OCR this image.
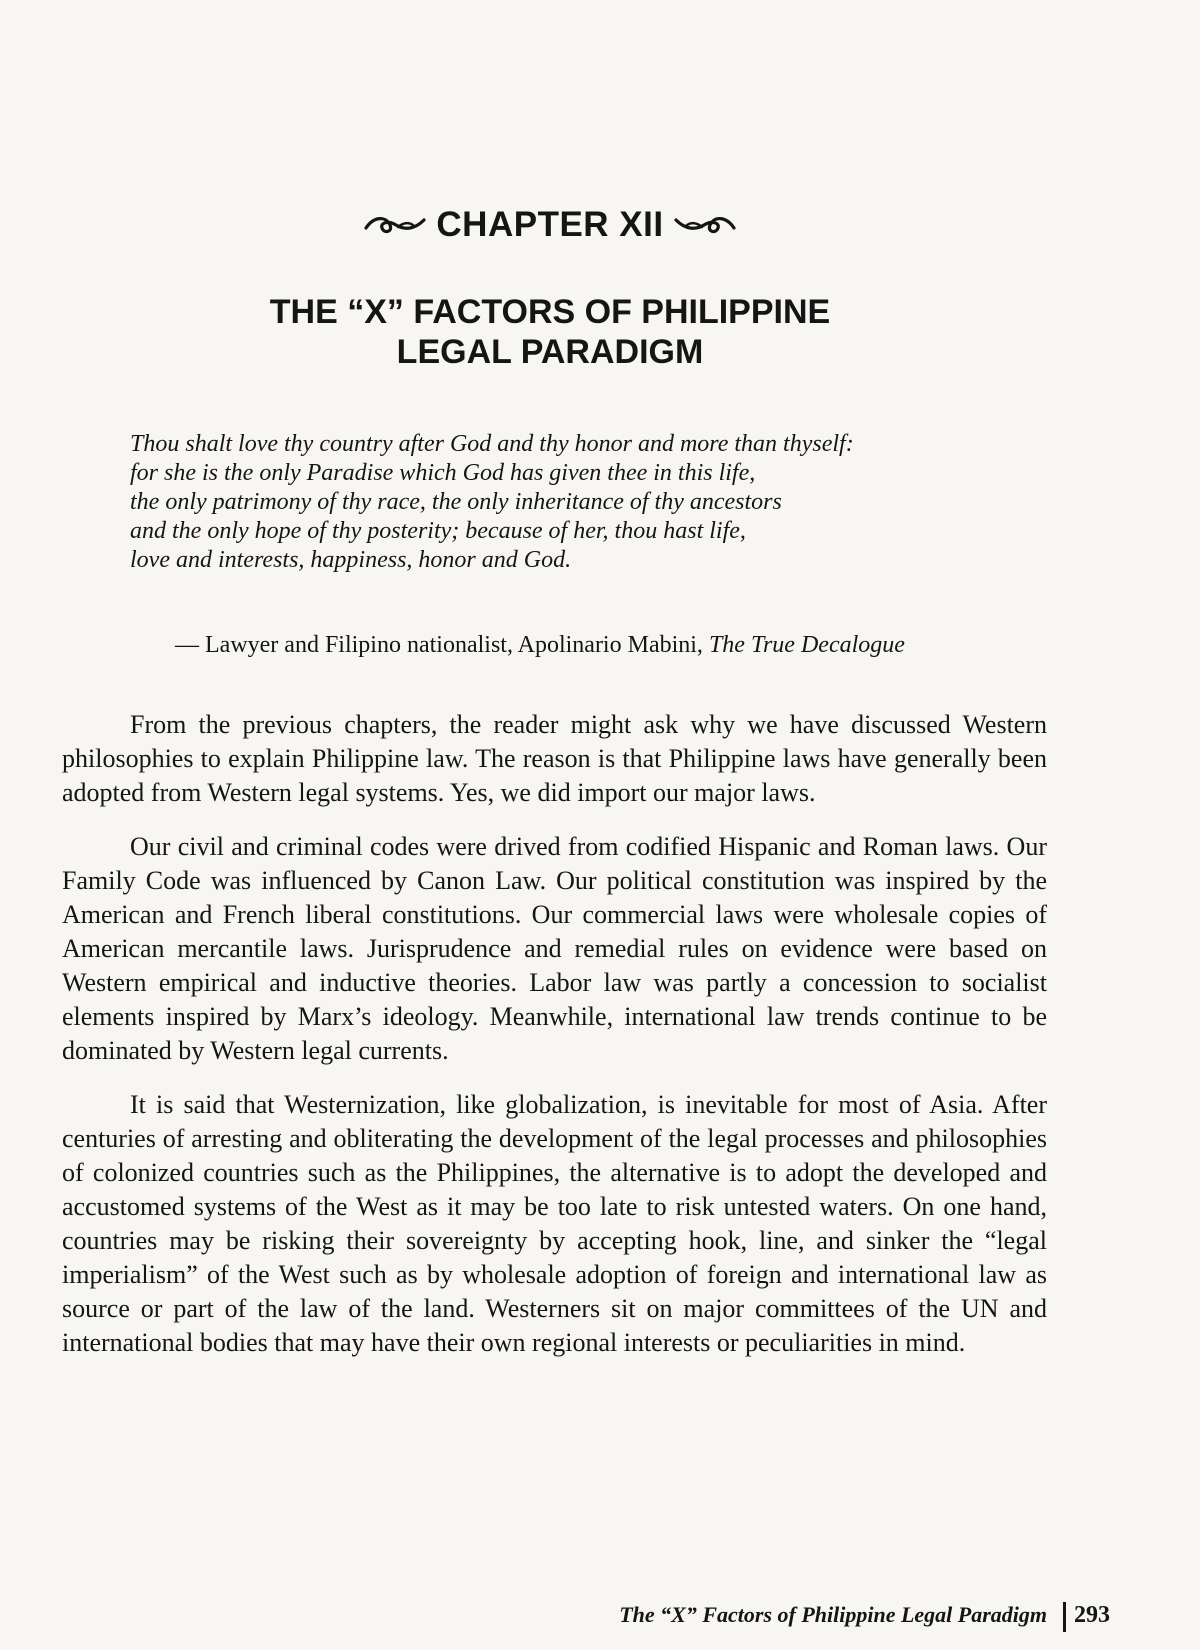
CHAPTER XII
THE “X” FACTORS OF PHILIPPINE
LEGAL PARADIGM
Thou shalt love thy country after God and thy honor and more than thyself:
for she is the only Paradise which God has given thee in this life,
the only patrimony of thy race, the only inheritance of thy ancestors
and the only hope of thy posterity; because of her, thou hast life,
love and interests, happiness, honor and God.
— Lawyer and Filipino nationalist, Apolinario Mabini, The True Decalogue

From the previous chapters, the reader might ask why we have discussed Western philosophies to explain Philippine law. The reason is that Philippine laws have generally been adopted from Western legal systems. Yes, we did import our major laws.

Our civil and criminal codes were drived from codified Hispanic and Roman laws. Our Family Code was influenced by Canon Law. Our political constitution was inspired by the American and French liberal constitutions. Our commercial laws were wholesale copies of American mercantile laws. Jurisprudence and remedial rules on evidence were based on Western empirical and inductive theories. Labor law was partly a concession to socialist elements inspired by Marx’s ideology. Meanwhile, international law trends continue to be dominated by Western legal currents.

It is said that Westernization, like globalization, is inevitable for most of Asia. After centuries of arresting and obliterating the development of the legal processes and philosophies of colonized countries such as the Philippines, the alternative is to adopt the developed and accustomed systems of the West as it may be too late to risk untested waters. On one hand, countries may be risking their sovereignty by accepting hook, line, and sinker the “legal imperialism” of the West such as by wholesale adoption of foreign and international law as source or part of the law of the land. Westerners sit on major committees of the UN and international bodies that may have their own regional interests or peculiarities in mind.

The “X” Factors of Philippine Legal Paradigm 293
